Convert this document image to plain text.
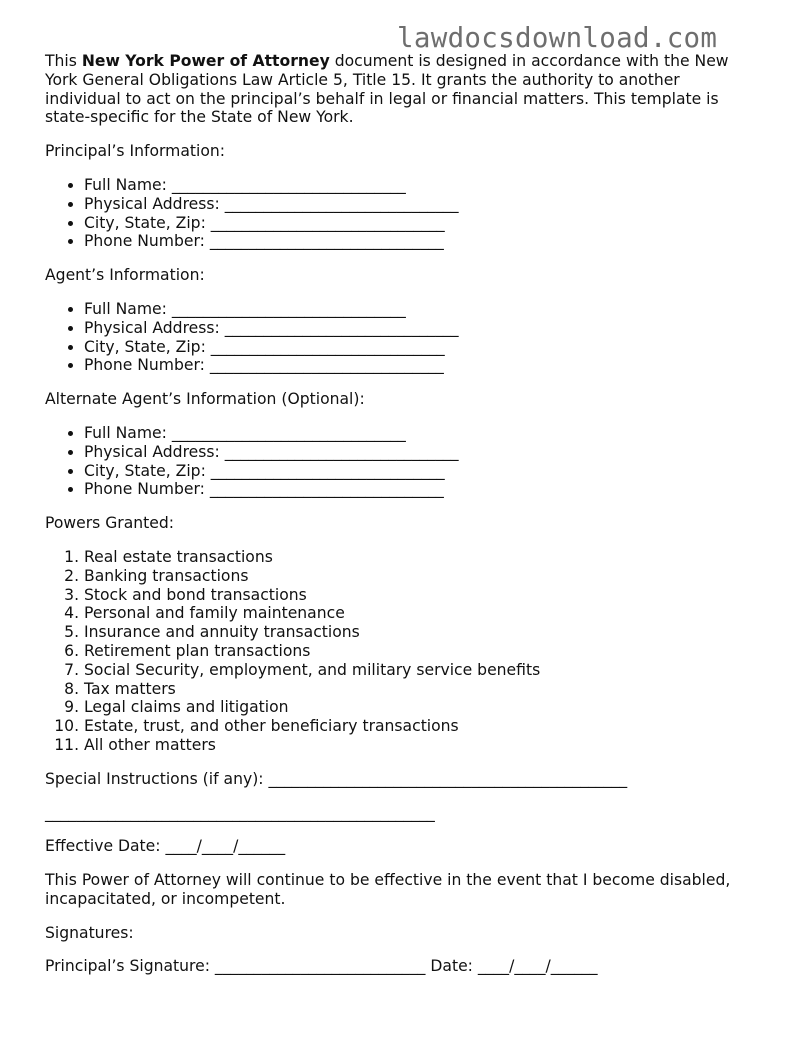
lawdocsdownload.com

This New York Power of Attorney document is designed in accordance with the New York General Obligations Law Article 5, Title 15. It grants the authority to another individual to act on the principal’s behalf in legal or financial matters. This template is state-specific for the State of New York.

Principal’s Information:
• Full Name: ______________________________
• Physical Address: ______________________________
• City, State, Zip: ______________________________
• Phone Number: ______________________________
Agent’s Information:
• Full Name: ______________________________
• Physical Address: ______________________________
• City, State, Zip: ______________________________
• Phone Number: ______________________________
Alternate Agent’s Information (Optional):
• Full Name: ______________________________
• Physical Address: ______________________________
• City, State, Zip: ______________________________
• Phone Number: ______________________________
Powers Granted:
1. Real estate transactions
2. Banking transactions
3. Stock and bond transactions
4. Personal and family maintenance
5. Insurance and annuity transactions
6. Retirement plan transactions
7. Social Security, employment, and military service benefits
8. Tax matters
9. Legal claims and litigation
10. Estate, trust, and other beneficiary transactions
11. All other matters
Special Instructions (if any): ______________________________________________
__________________________________________________
Effective Date: ____/____/______
This Power of Attorney will continue to be effective in the event that I become disabled, incapacitated, or incompetent.
Signatures:
Principal’s Signature: ___________________________ Date: ____/____/______
